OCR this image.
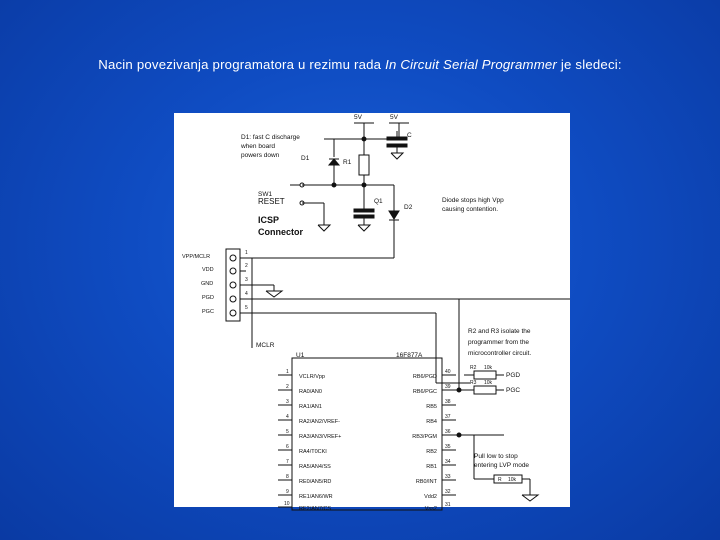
Nacin povezivanja programatora u rezimu rada In Circuit Serial Programmer je sledeci:
5V	5V
C
D1: fast C discharge
when board
powers down	D1
R1
SW1
RESET	Q1
D2
Diode stops high Vpp
causing contention.
ICSP
Connector
VPP/MCLR
VDD
GND
PGD
PGC
1
2
3
4
5
MCLR
U1	16F877A
R2 and R3 isolate the
programmer from the
microcontroller circuit.
R2 10k
R3 10k
PGD
PGC
Pull low to stop
entering LVP mode
R 10k
VCLR/Vpp
RA0/AN0
RA1/AN1
RA2/AN2/VREF-
RA3/AN3/VREF+
RA4/T0CKI
RA5/AN4/SS
RE0/AN5/RD
RE1/AN6/WR
RE2/AN7/CS
1
2
3
4
5
6
7
8
9
10
RB6/PGD
RB6/PGC
RB5
RB4
RB3/PGM
RB2
RB1
RB0/INT
Vdd2
Vss2
40
39
38
37
36
35
34
33
32
31
